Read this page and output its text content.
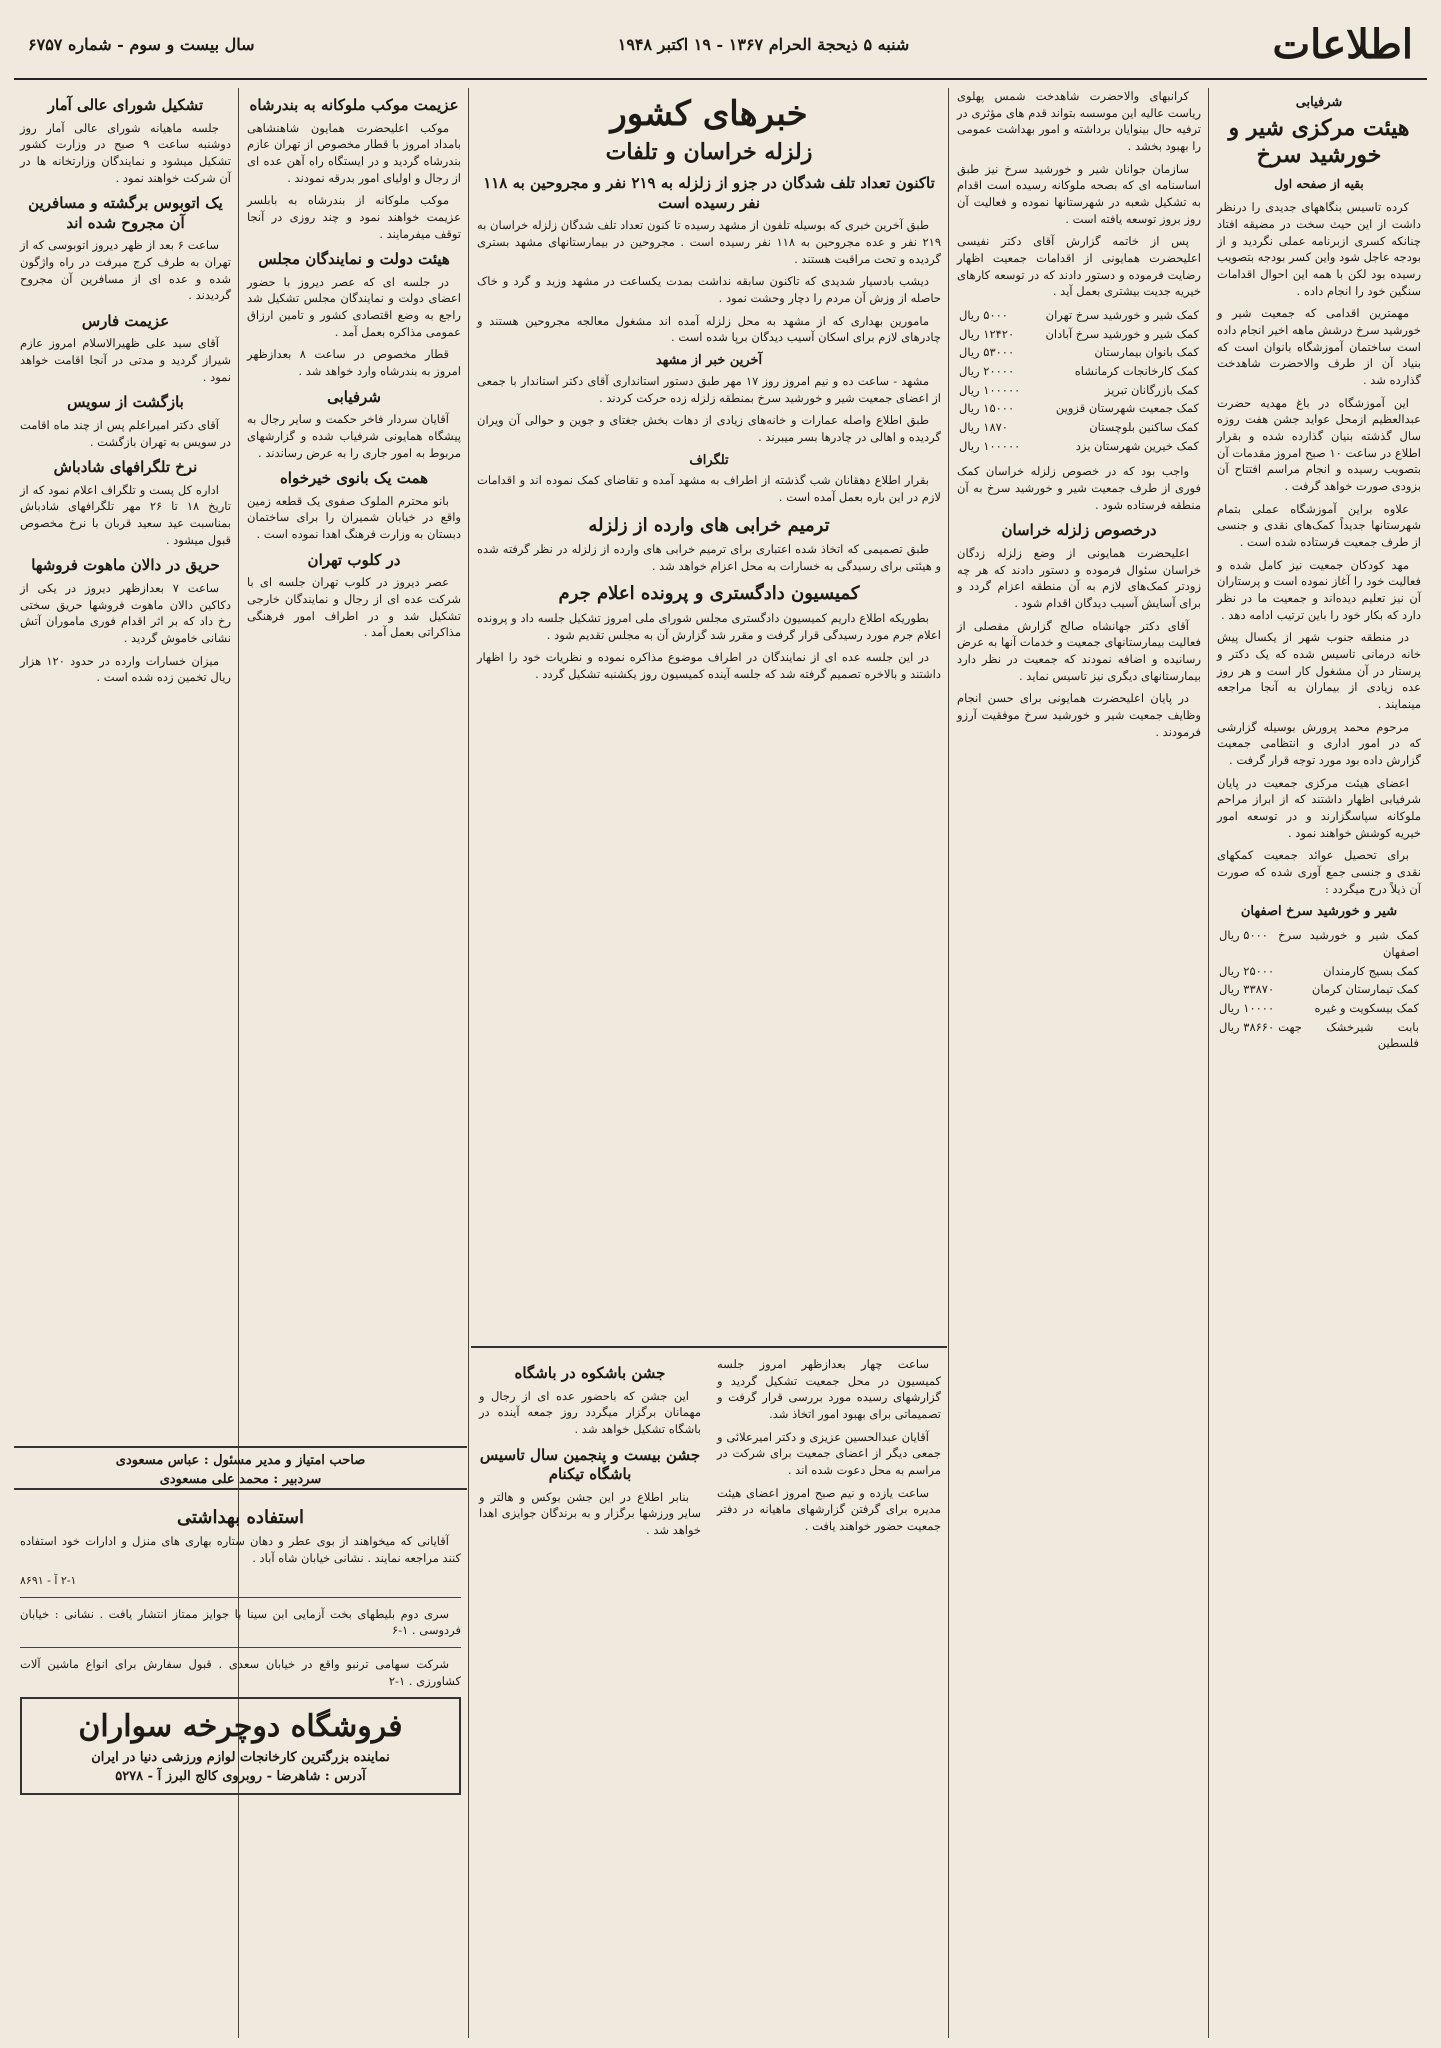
اطلاعات
شنبه ۵ ذیحجة الحرام ۱۳۶۷ - ۱۹ اکتبر ۱۹۴۸
سال بیست و سوم - شماره ۶۷۵۷
شرفیابی
هیئت مرکزی شیر و خورشید سرخ
بقیه از صفحه اول

کرده تاسیس بنگاههای جدیدی را درنظر داشت از این حیث سخت در مضیقه افتاد چنانکه کسری ازبرنامه عملی نگردید و از بودجه عاجل شود واین کسر بودجه بتصویب رسیده بود لکن با همه این احوال اقدامات سنگین خود را انجام داده .

مهمترین اقدامی که جمعیت شیر و خورشید سرخ درشش ماهه اخیر انجام داده است ساختمان آموزشگاه بانوان است که بنیاد آن از طرف والاحضرت شاهدخت گذارده شد .

این آموزشگاه در باغ مهدیه حضرت عبدالعظیم ازمحل عواید جشن هفت روزه سال گذشته بنیان گذارده شده و بقرار اطلاع در ساعت ۱۰ صبح امروز مقدمات آن بتصویب رسیده و انجام مراسم افتتاح آن بزودی صورت خواهد گرفت .

علاوه براین آموزشگاه عملی بتمام شهرستانها جدیداً کمک‌های نقدی و جنسی از طرف جمعیت فرستاده شده است .

مهد کودکان جمعیت نیز کامل شده و فعالیت خود را آغاز نموده است و پرستاران آن نیز تعلیم دیده‌اند و جمعیت ما در نظر دارد که بکار خود را باین ترتیب ادامه دهد .

در منطقه جنوب شهر از یکسال پیش خانه درمانی تاسیس شده که یک دکتر و پرستار در آن مشغول کار است و هر روز عده زیادی از بیماران به آنجا مراجعه مینمایند .

مرحوم محمد پرورش بوسیله گزارشی که در امور اداری و انتظامی جمعیت گزارش داده بود مورد توجه قرار گرفت .

اعضای هیئت مرکزی جمعیت در پایان شرفیابی اظهار داشتند که از ابراز مراحم ملوکانه سپاسگزارند و در توسعه امور خیریه کوشش خواهند نمود .

برای تحصیل عوائد جمعیت کمکهای نقدی و جنسی جمع آوری شده که صورت آن ذیلاً درج میگردد :

شیر و خورشید سرخ اصفهان
کمک شیر و خورشید سرخ اصفهان	۵۰۰۰ ریال
کمک بسیج کارمندان	۲۵۰۰۰ ریال
کمک تیمارستان کرمان	۳۳۸۷۰ ریال
کمک بیسکویت و غیره	۱۰۰۰۰ ریال
بابت شیرخشک جهت فلسطین	۳۸۶۶۰ ریال

کرانبهای والاحضرت شاهدخت شمس پهلوی ریاست عالیه این موسسه بتواند قدم های مؤثری در ترفیه حال بینوایان برداشته و امور بهداشت عمومی را بهبود بخشد .

سازمان جوانان شیر و خورشید سرخ نیز طبق اساسنامه ای که بصحه ملوکانه رسیده است اقدام به تشکیل شعبه در شهرستانها نموده و فعالیت آن روز بروز توسعه یافته است .

پس از خاتمه گزارش آقای دکتر نفیسی اعلیحضرت همایونی از اقدامات جمعیت اظهار رضایت فرموده و دستور دادند که در توسعه کارهای خیریه جدیت بیشتری بعمل آید .

کمک شیر و خورشید سرخ تهران	۵۰۰۰ ریال
کمک شیر و خورشید سرخ آبادان	۱۲۴۲۰ ریال
کمک بانوان بیمارستان	۵۳۰۰۰ ریال
کمک کارخانجات کرمانشاه	۲۰۰۰۰ ریال
کمک بازرگانان تبریز	۱۰۰۰۰۰ ریال
کمک جمعیت شهرستان قزوین	۱۵۰۰۰ ریال
کمک ساکنین بلوچستان	۱۸۷۰ ریال
کمک خیرین شهرستان یزد	۱۰۰۰۰۰ ریال

واجب بود که در خصوص زلزله خراسان کمک فوری از طرف جمعیت شیر و خورشید سرخ به آن منطقه فرستاده شود .

درخصوص زلزله خراسان

اعلیحضرت همایونی از وضع زلزله زدگان خراسان سئوال فرموده و دستور دادند که هر چه زودتر کمک‌های لازم به آن منطقه اعزام گردد و برای آسایش آسیب دیدگان اقدام شود .

آقای دکتر جهانشاه صالح گزارش مفصلی از فعالیت بیمارستانهای جمعیت و خدمات آنها به عرض رسانیده و اضافه نمودند که جمعیت در نظر دارد بیمارستانهای دیگری نیز تاسیس نماید .

در پایان اعلیحضرت همایونی برای حسن انجام وظایف جمعیت شیر و خورشید سرخ موفقیت آرزو فرمودند .

خبرهای کشور
زلزله خراسان و تلفات
تاکنون تعداد تلف شدگان در جزو از زلزله به ۲۱۹ نفر و مجروحین به ۱۱۸ نفر رسیده است

طبق آخرین خبری که بوسیله تلفون از مشهد رسیده تا کنون تعداد تلف شدگان زلزله خراسان به ۲۱۹ نفر و عده مجروحین به ۱۱۸ نفر رسیده است . مجروحین در بیمارستانهای مشهد بستری گردیده و تحت مراقبت هستند .

دیشب بادسیار شدیدی که تاکنون سابقه نداشت بمدت یکساعت در مشهد وزید و گرد و خاک حاصله از وزش آن مردم را دچار وحشت نمود .

مامورین بهداری که از مشهد به محل زلزله آمده اند مشغول معالجه مجروحین هستند و چادرهای لازم برای اسکان آسیب دیدگان برپا شده است .

آخرین خبر از مشهد

مشهد - ساعت ده و نیم امروز روز ۱۷ مهر طبق دستور استانداری آقای دکتر استاندار با جمعی از اعضای جمعیت شیر و خورشید سرخ بمنطقه زلزله زده حرکت کردند .

طبق اطلاع واصله عمارات و خانه‌های زیادی از دهات بخش جغتای و جوین و حوالی آن ویران گردیده و اهالی در چادرها بسر میبرند .

تلگراف

بقرار اطلاع دهقانان شب گذشته از اطراف به مشهد آمده و تقاضای کمک نموده اند و اقدامات لازم در این باره بعمل آمده است .

ترمیم خرابی های وارده از زلزله

طبق تصمیمی که اتخاذ شده اعتباری برای ترمیم خرابی های وارده از زلزله در نظر گرفته شده و هیئتی برای رسیدگی به خسارات به محل اعزام خواهد شد .

کمیسیون دادگستری و پرونده اعلام جرم

بطوریکه اطلاع داریم کمیسیون دادگستری مجلس شورای ملی امروز تشکیل جلسه داد و پرونده اعلام جرم مورد رسیدگی قرار گرفت و مقرر شد گزارش آن به مجلس تقدیم شود .

در این جلسه عده ای از نمایندگان در اطراف موضوع مذاکره نموده و نظریات خود را اظهار داشتند و بالاخره تصمیم گرفته شد که جلسه آینده کمیسیون روز یکشنبه تشکیل گردد .

عزیمت موکب ملوکانه به بندرشاه

موکب اعلیحضرت همایون شاهنشاهی بامداد امروز با قطار مخصوص از تهران عازم بندرشاه گردید و در ایستگاه راه آهن عده ای از رجال و اولیای امور بدرقه نمودند .

موکب ملوکانه از بندرشاه به بابلسر عزیمت خواهند نمود و چند روزی در آنجا توقف میفرمایند .

هیئت دولت و نمایندگان مجلس

در جلسه ای که عصر دیروز با حضور اعضای دولت و نمایندگان مجلس تشکیل شد راجع به وضع اقتصادی کشور و تامین ارزاق عمومی مذاکره بعمل آمد .

قطار مخصوص در ساعت ۸ بعدازظهر امروز به بندرشاه وارد خواهد شد .

شرفیابی

آقایان سردار فاخر حکمت و سایر رجال به پیشگاه همایونی شرفیاب شده و گزارشهای مربوط به امور جاری را به عرض رساندند .

همت یک بانوی خیرخواه

بانو محترم الملوک صفوی یک قطعه زمین واقع در خیابان شمیران را برای ساختمان دبستان به وزارت فرهنگ اهدا نموده است .

در کلوب تهران

عصر دیروز در کلوب تهران جلسه ای با شرکت عده ای از رجال و نمایندگان خارجی تشکیل شد و در اطراف امور فرهنگی مذاکراتی بعمل آمد .

تشکیل شورای عالی آمار

جلسه ماهیانه شورای عالی آمار روز دوشنبه ساعت ۹ صبح در وزارت کشور تشکیل میشود و نمایندگان وزارتخانه ها در آن شرکت خواهند نمود .

یک اتوبوس برگشته و مسافرین آن مجروح شده اند

ساعت ۶ بعد از ظهر دیروز اتوبوسی که از تهران به طرف کرج میرفت در راه واژگون شده و عده ای از مسافرین آن مجروح گردیدند .

عزیمت فارس

آقای سید علی ظهیرالاسلام امروز عازم شیراز گردید و مدتی در آنجا اقامت خواهد نمود .

بازگشت از سویس

آقای دکتر امیراعلم پس از چند ماه اقامت در سویس به تهران بازگشت .

نرخ تلگرافهای شادباش

اداره کل پست و تلگراف اعلام نمود که از تاریخ ۱۸ تا ۲۶ مهر تلگرافهای شادباش بمناسبت عید سعید قربان با نرخ مخصوص قبول میشود .

حریق در دالان ماهوت فروشها

ساعت ۷ بعدازظهر دیروز در یکی از دکاکین دالان ماهوت فروشها حریق سختی رخ داد که بر اثر اقدام فوری ماموران آتش نشانی خاموش گردید .

میزان خسارات وارده در حدود ۱۲۰ هزار ریال تخمین زده شده است .

صاحب امتیاز و مدیر مسئول : عباس مسعودی
سردبیر : محمد علی مسعودی
استفاده بهداشتی

آقایانی که میخواهند از بوی عطر و دهان ستاره بهاری های منزل و ادارات خود استفاده کنند مراجعه نمایند . نشانی خیابان شاه آباد .

۲-۱ آ - ۸۶۹۱

سری دوم بلیطهای بخت آزمایی ابن سینا با جوایز ممتاز انتشار یافت . نشانی : خیابان فردوسی . ۱-۶

شرکت سهامی ترنبو واقع در خیابان سعدی . قبول سفارش برای انواع ماشین آلات کشاورزی . ۱-۲

فروشگاه دوچرخه سواران
نماینده بزرگترین کارخانجات لوازم ورزشی دنیا در ایران
آدرس : شاهرضا - روبروی کالج البرز آ - ۵۲۷۸
جشن باشکوه در باشگاه

این جشن که باحضور عده ای از رجال و مهمانان برگزار میگردد روز جمعه آینده در باشگاه تشکیل خواهد شد .

جشن بیست و پنجمین سال تاسیس باشگاه تیکنام

بنابر اطلاع در این جشن بوکس و هالتر و سایر ورزشها برگزار و به برندگان جوایزی اهدا خواهد شد .

ساعت چهار بعدازظهر امروز جلسه کمیسیون در محل جمعیت تشکیل گردید و گزارشهای رسیده مورد بررسی قرار گرفت و تصمیماتی برای بهبود امور اتخاذ شد.

آقایان عبدالحسین عزیزی و دکتر امیرعلائی و جمعی دیگر از اعضای جمعیت برای شرکت در مراسم به محل دعوت شده اند .

ساعت یازده و نیم صبح امروز اعضای هیئت مدیره برای گرفتن گزارشهای ماهیانه در دفتر جمعیت حضور خواهند یافت .
